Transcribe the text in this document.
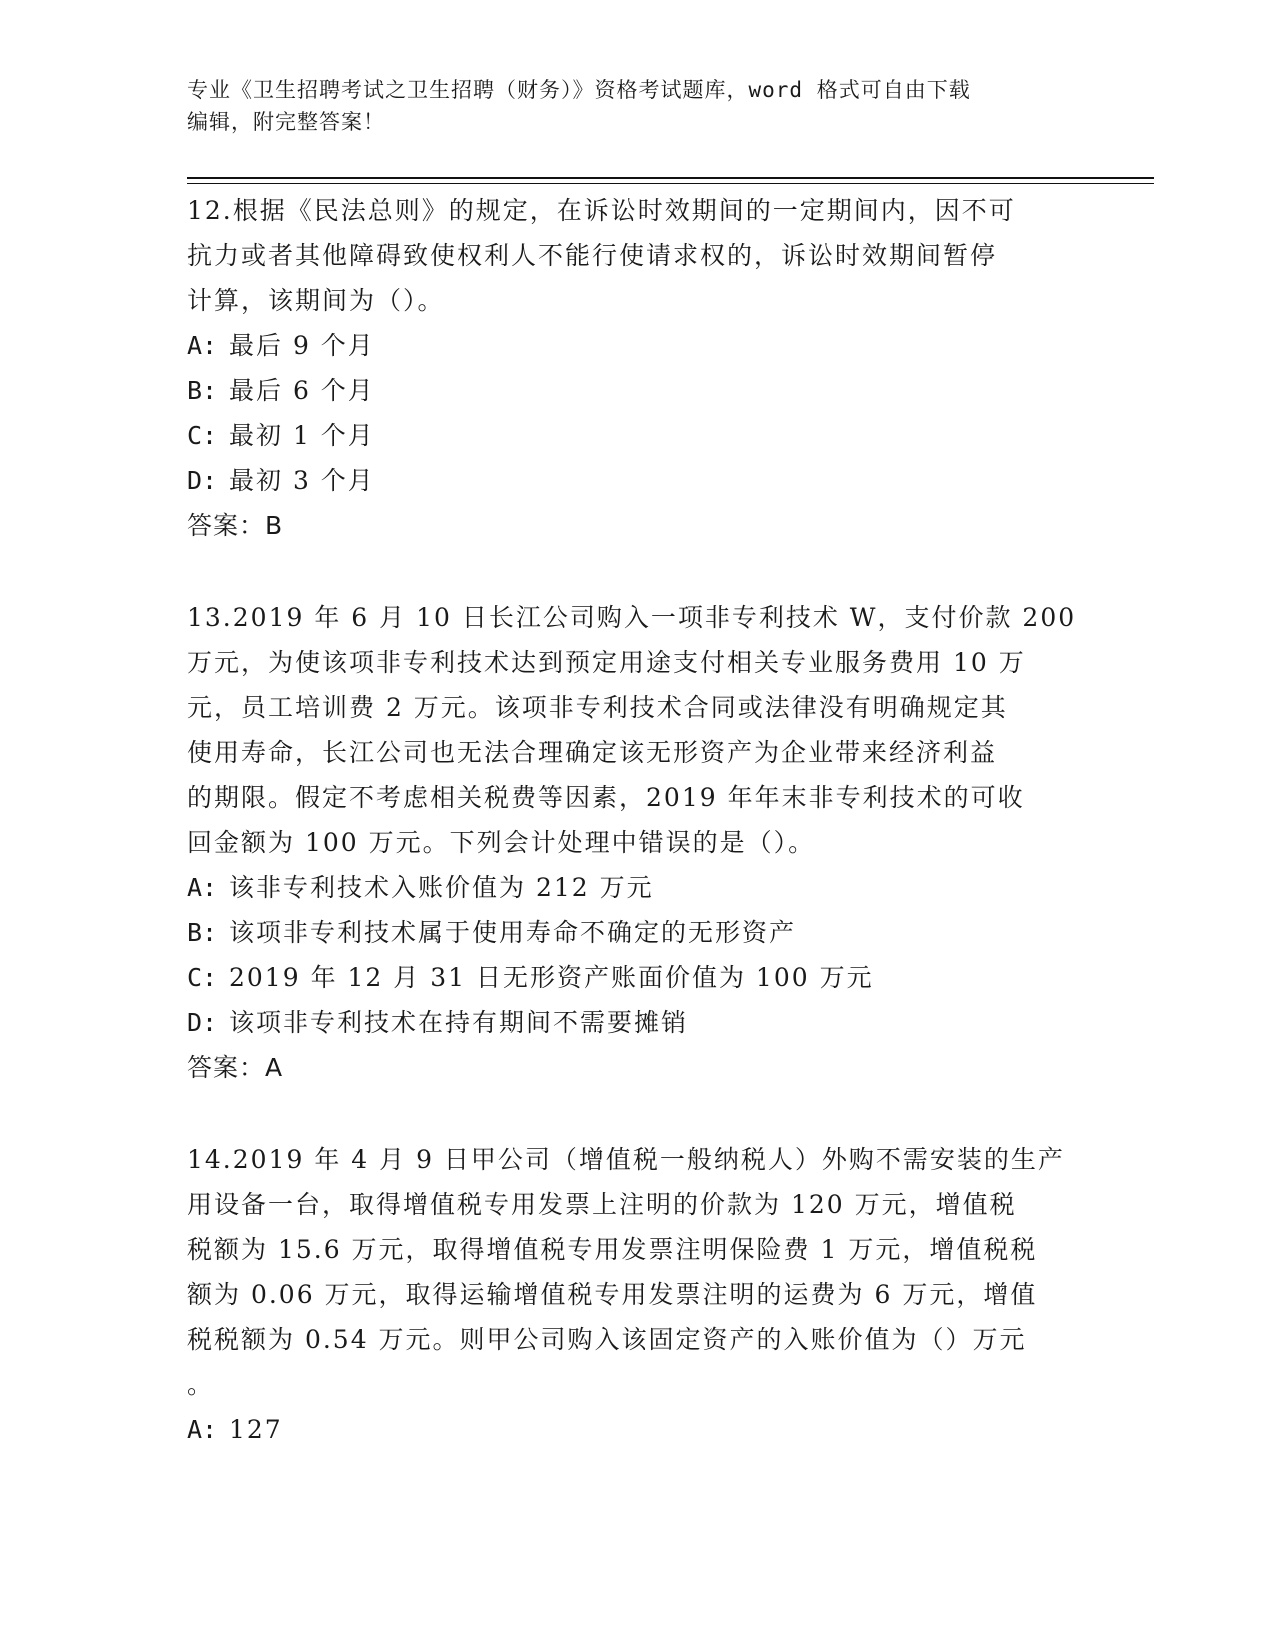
专业《卫生招聘考试之卫生招聘（财务）》资格考试题库，word 格式可自由下载
编辑，附完整答案！

12.根据《民法总则》的规定，在诉讼时效期间的一定期间内，因不可

抗力或者其他障碍致使权利人不能行使请求权的，诉讼时效期间暂停

计算，该期间为（）。

A: 最后 9 个月
B: 最后 6 个月
C: 最初 1 个月
D: 最初 3 个月

答案：B

13.2019 年 6 月 10 日长江公司购入一项非专利技术 W，支付价款 200

万元，为使该项非专利技术达到预定用途支付相关专业服务费用 10 万

元，员工培训费 2 万元。该项非专利技术合同或法律没有明确规定其

使用寿命，长江公司也无法合理确定该无形资产为企业带来经济利益

的期限。假定不考虑相关税费等因素，2019 年年末非专利技术的可收

回金额为 100 万元。下列会计处理中错误的是（）。

A: 该非专利技术入账价值为 212 万元
B: 该项非专利技术属于使用寿命不确定的无形资产
C: 2019 年 12 月 31 日无形资产账面价值为 100 万元
D: 该项非专利技术在持有期间不需要摊销

答案：A

14.2019 年 4 月 9 日甲公司（增值税一般纳税人）外购不需安装的生产

用设备一台，取得增值税专用发票上注明的价款为 120 万元，增值税

税额为 15.6 万元，取得增值税专用发票注明保险费 1 万元，增值税税

额为 0.06 万元，取得运输增值税专用发票注明的运费为 6 万元，增值

税税额为 0.54 万元。则甲公司购入该固定资产的入账价值为（）万元

。

A: 127
